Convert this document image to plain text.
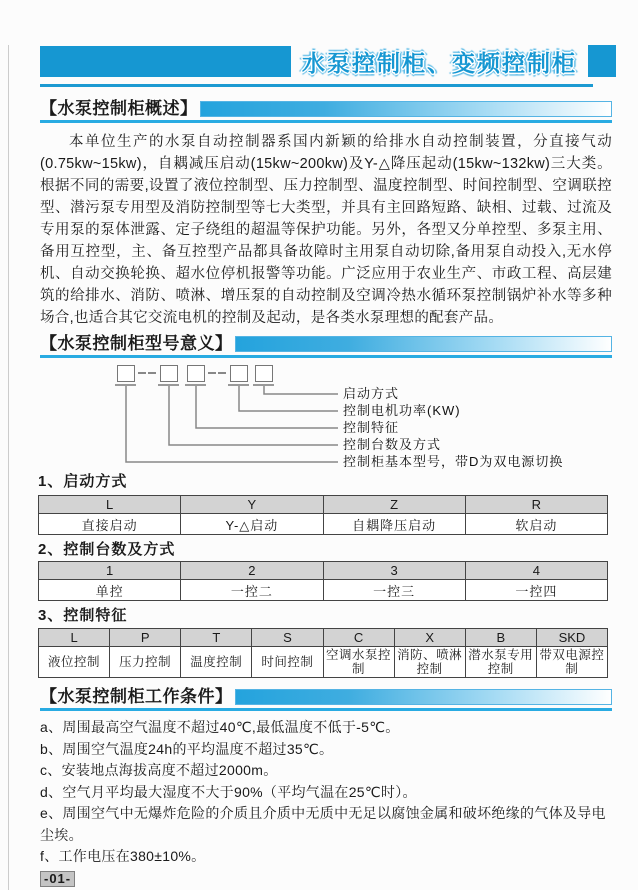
水泵控制柜、变频控制柜
【水泵控制柜概述】

本单位生产的水泵自动控制器系国内新颖的给排水自动控制装置，分直接气动(0.75kw~15kw)，自耦减压启动(15kw~200kw)及Y-△降压起动(15kw~132kw)三大类。根据不同的需要,设置了液位控制型、压力控制型、温度控制型、时间控制型、空调联控型、潜污泵专用型及消防控制型等七大类型，并具有主回路短路、缺相、过载、过流及专用泵的泵体泄露、定子绕组的超温等保护功能。另外，各型又分单控型、多泵主用、备用互控型，主、备互控型产品都具备故障时主用泵自动切除,备用泵自动投入,无水停机、自动交换轮换、超水位停机报警等功能。广泛应用于农业生产、市政工程、高层建筑的给排水、消防、喷淋、增压泵的自动控制及空调冷热水循环泵控制锅炉补水等多种场合,也适合其它交流电机的控制及起动，是各类水泵理想的配套产品。

【水泵控制柜型号意义】
启动方式
控制电机功率(KW)
控制特征
控制台数及方式
控制柜基本型号，带D为双电源切换
1、启动方式
L	Y	Z	R
直接启动	Y-△启动	自耦降压启动	软启动
2、控制台数及方式
1	2	3	4
单控	一控二	一控三	一控四
3、控制特征
L	P	T	S	C	X	B	SKD
液位控制	压力控制	温度控制	时间控制	空调水泵控制	消防、喷淋控制	潜水泵专用控制	带双电源控制
【水泵控制柜工作条件】
a、周围最高空气温度不超过40℃,最低温度不低于-5℃。
b、周围空气温度24h的平均温度不超过35℃。
c、安装地点海拔高度不超过2000m。
d、空气月平均最大湿度不大于90%（平均气温在25℃时）。
e、周围空气中无爆炸危险的介质且介质中无质中无足以腐蚀金属和破坏绝缘的气体及导电尘埃。
f、工作电压在380±10%。
-01-
